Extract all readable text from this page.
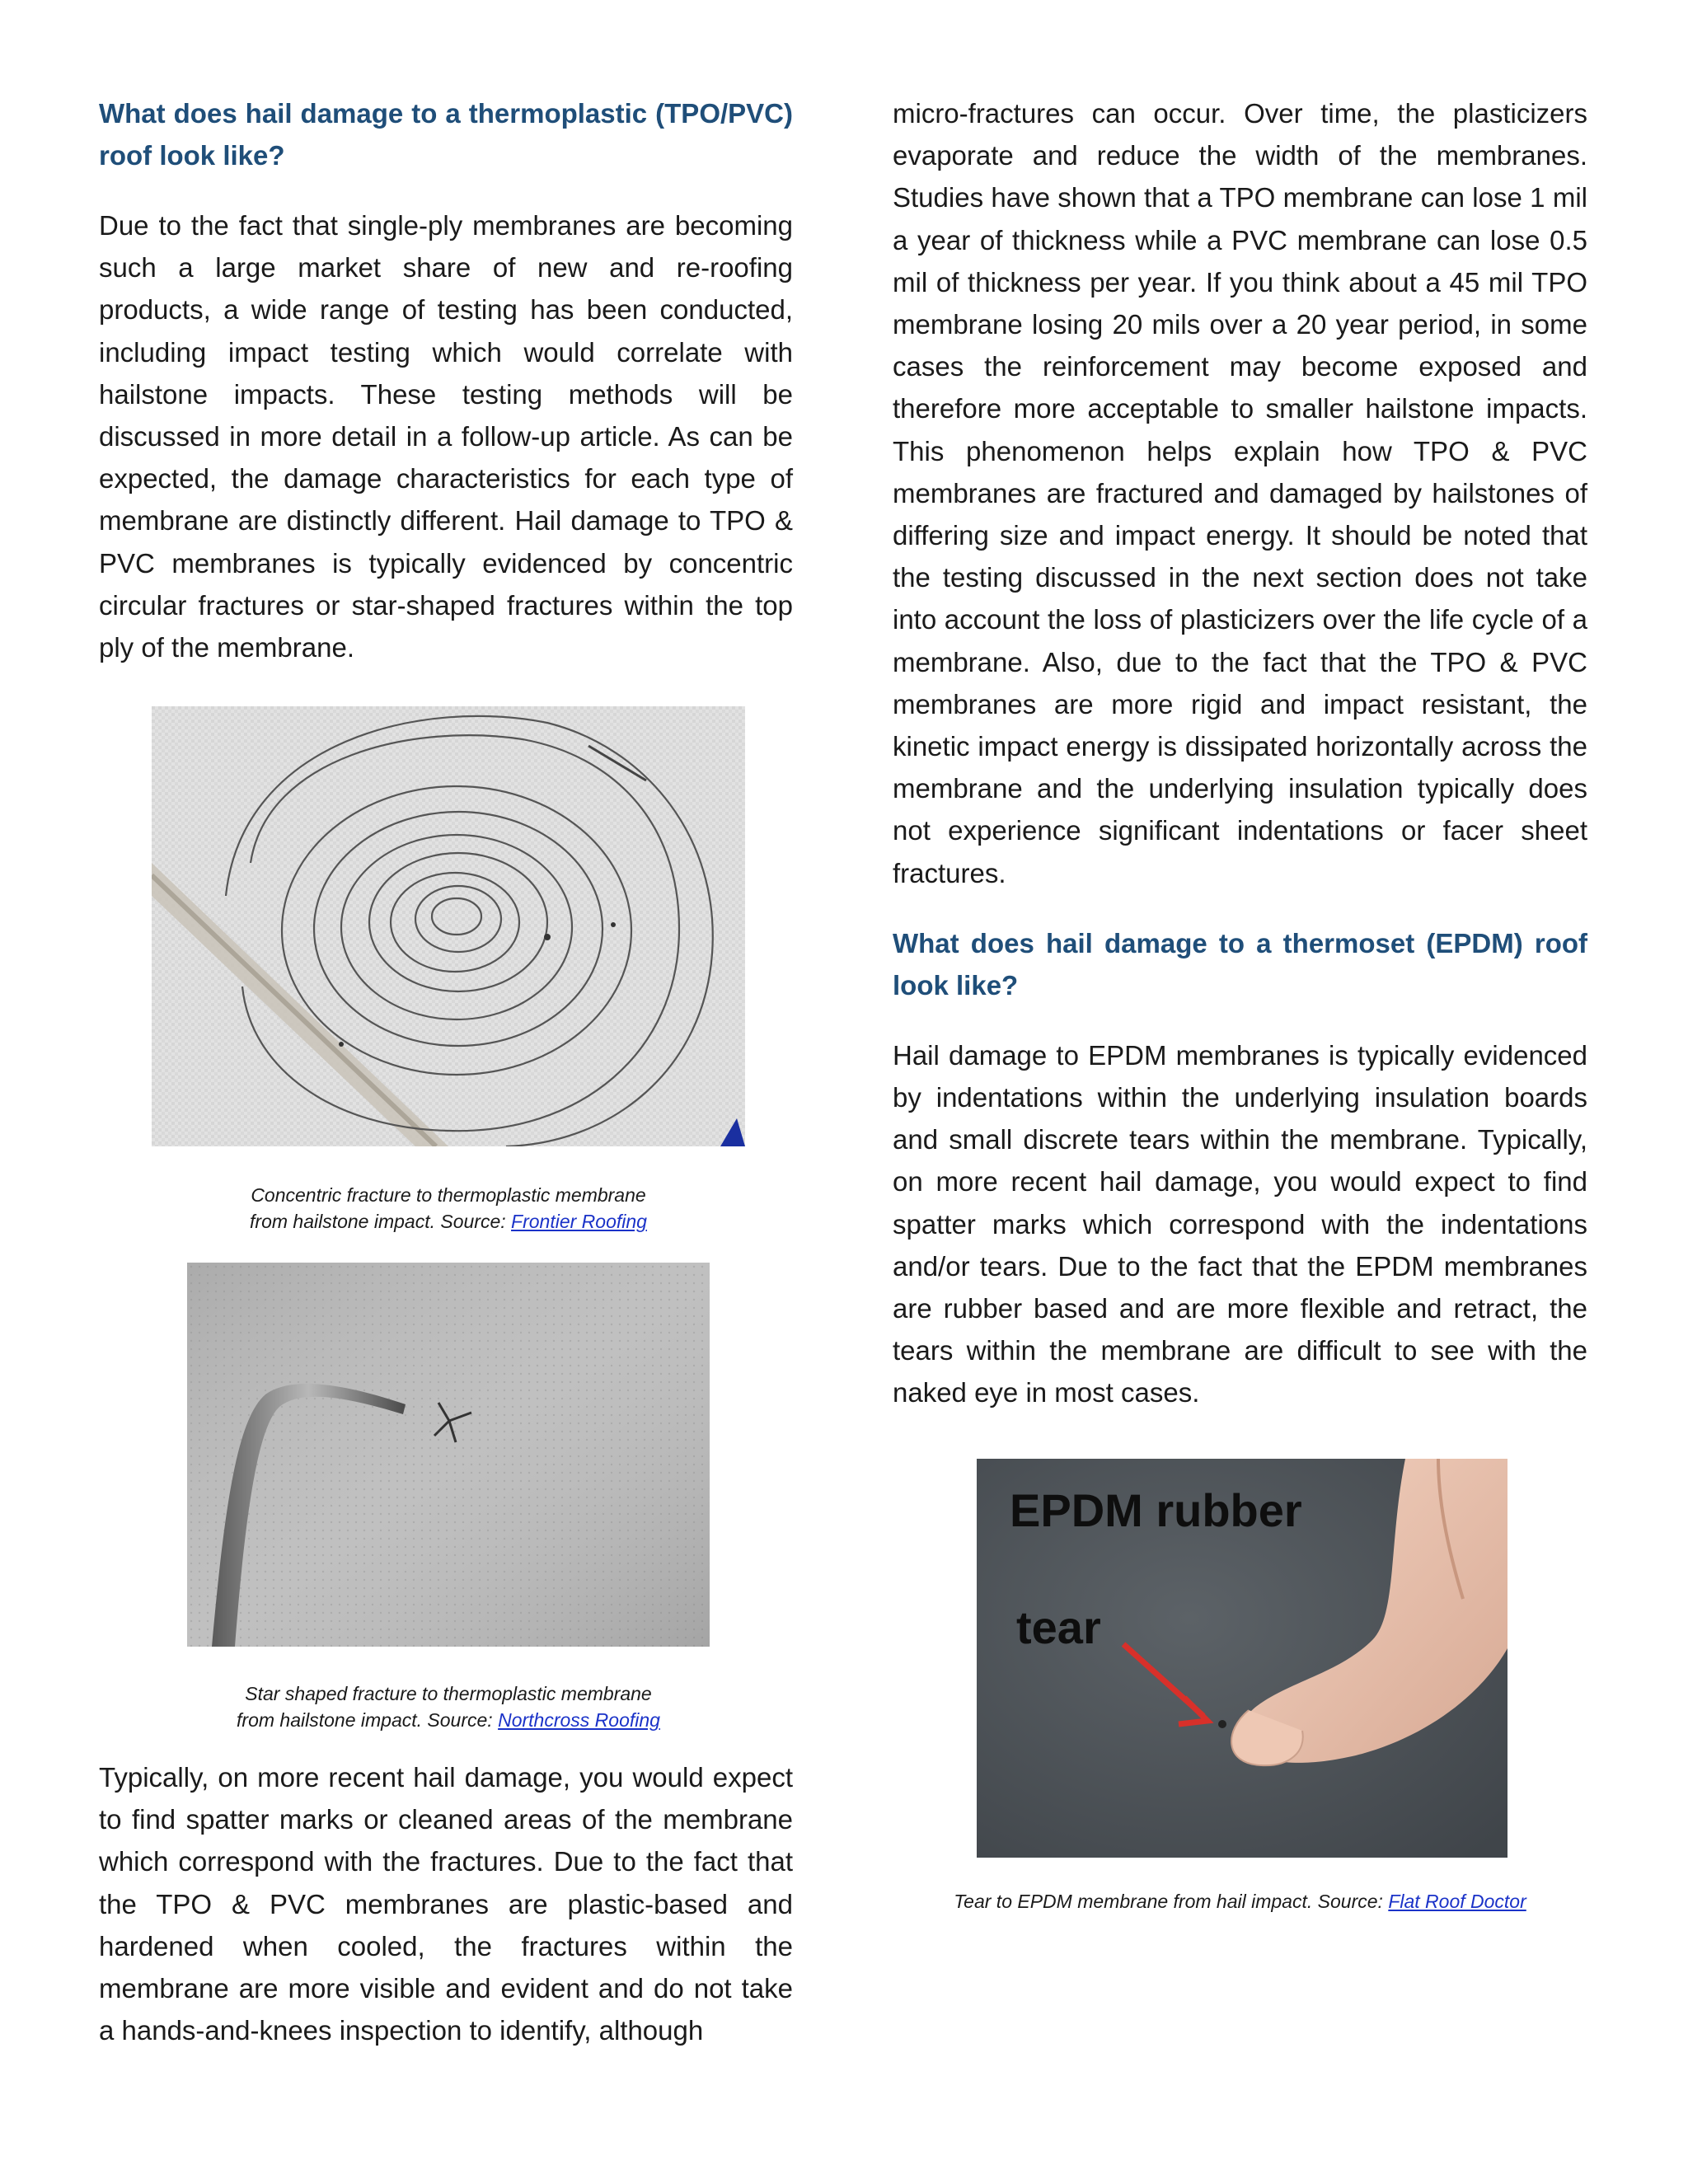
What does hail damage to a thermoplastic (TPO/PVC) roof look like?

Due to the fact that single-ply membranes are becoming such a large market share of new and re-roofing products, a wide range of testing has been conducted, including impact testing which would correlate with hailstone impacts. These testing methods will be discussed in more detail in a follow-up article. As can be expected, the damage characteristics for each type of membrane are distinctly different. Hail damage to TPO & PVC membranes is typically evidenced by concentric circular fractures or star-shaped fractures within the top ply of the membrane.

Concentric fracture to thermoplastic membrane
from hailstone impact. Source: Frontier Roofing
Star shaped fracture to thermoplastic membrane
from hailstone impact. Source: Northcross Roofing

Typically, on more recent hail damage, you would expect to find spatter marks or cleaned areas of the membrane which correspond with the fractures. Due to the fact that the TPO & PVC membranes are plastic-based and hardened when cooled, the fractures within the membrane are more visible and evident and do not take a hands-and-knees inspection to identify, although

micro-fractures can occur. Over time, the plasticizers evaporate and reduce the width of the membranes. Studies have shown that a TPO membrane can lose 1 mil a year of thickness while a PVC membrane can lose 0.5 mil of thickness per year. If you think about a 45 mil TPO membrane losing 20 mils over a 20 year period, in some cases the reinforcement may become exposed and therefore more acceptable to smaller hailstone impacts. This phenomenon helps explain how TPO & PVC membranes are fractured and damaged by hailstones of differing size and impact energy. It should be noted that the testing discussed in the next section does not take into account the loss of plasticizers over the life cycle of a membrane. Also, due to the fact that the TPO & PVC membranes are more rigid and impact resistant, the kinetic impact energy is dissipated horizontally across the membrane and the underlying insulation typically does not experience significant indentations or facer sheet fractures.

What does hail damage to a thermoset (EPDM) roof look like?

Hail damage to EPDM membranes is typically evidenced by indentations within the underlying insulation boards and small discrete tears within the membrane. Typically, on more recent hail damage, you would expect to find spatter marks which correspond with the indentations and/or tears. Due to the fact that the EPDM membranes are rubber based and are more flexible and retract, the tears within the membrane are difficult to see with the naked eye in most cases.

EPDM rubber
tear
Tear to EPDM membrane from hail impact. Source: Flat Roof Doctor
